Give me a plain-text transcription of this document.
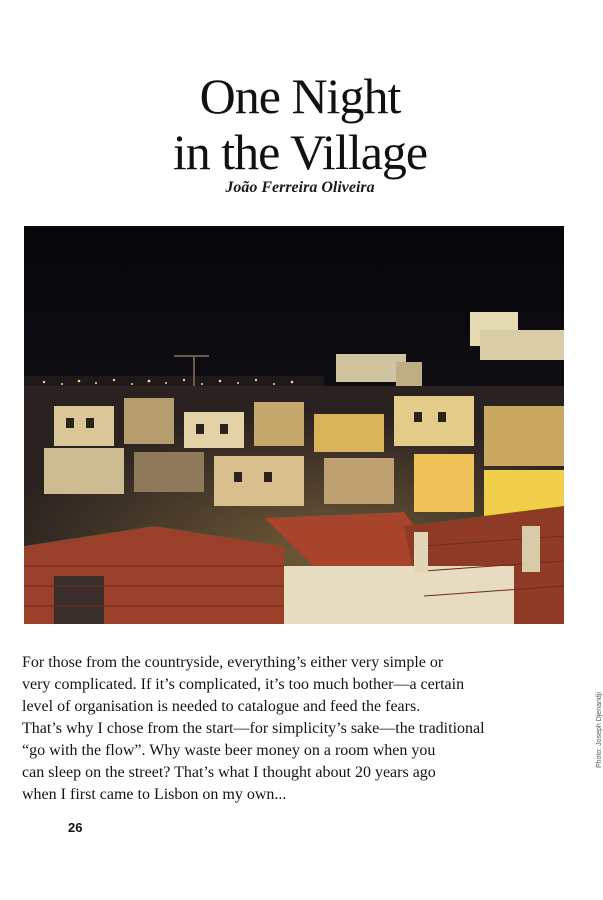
One Night
in the Village
João Ferreira Oliveira
For those from the countryside, everything’s either very simple or
very complicated. If it’s complicated, it’s too much bother—a certain
level of organisation is needed to catalogue and feed the fears.
That’s why I chose from the start—for simplicity’s sake—the traditional
“go with the flow”. Why waste beer money on a room when you
can sleep on the street? That’s what I thought about 20 years ago
when I first came to Lisbon on my own...
Photo: Joseph Djenandji
26
